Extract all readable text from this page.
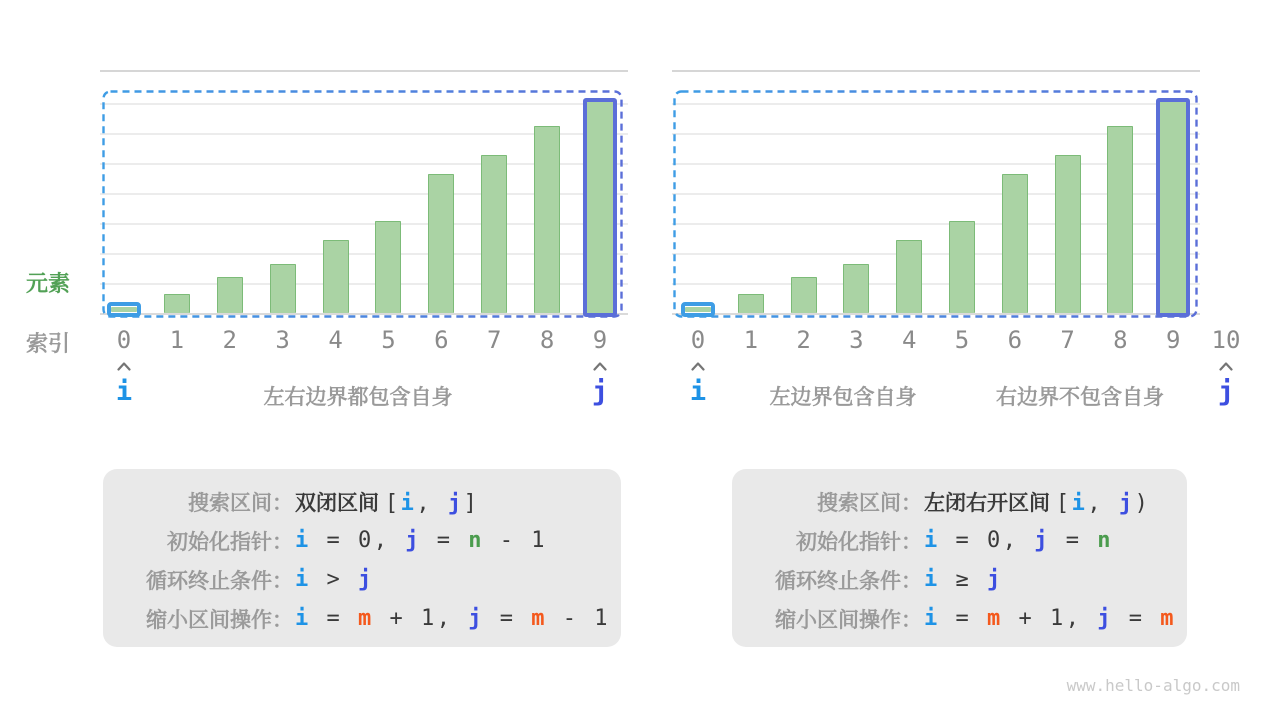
元素
索引
www.hello-algo.com
0	1	2	3	4	5	6	7	8	9
i	j
左右边界都包含自身
0	1	2	3	4	5	6	7	8	9	10
i	j
左边界包含自身	右边界不包含自身
搜索区间： 双闭区间 [i, j]
初始化指针： i = 0, j = n - 1
循环终止条件： i > j
缩小区间操作： i = m + 1, j = m - 1
搜索区间： 左闭右开区间 [i, j)
初始化指针： i = 0, j = n
循环终止条件： i ≥ j
缩小区间操作： i = m + 1, j = m
